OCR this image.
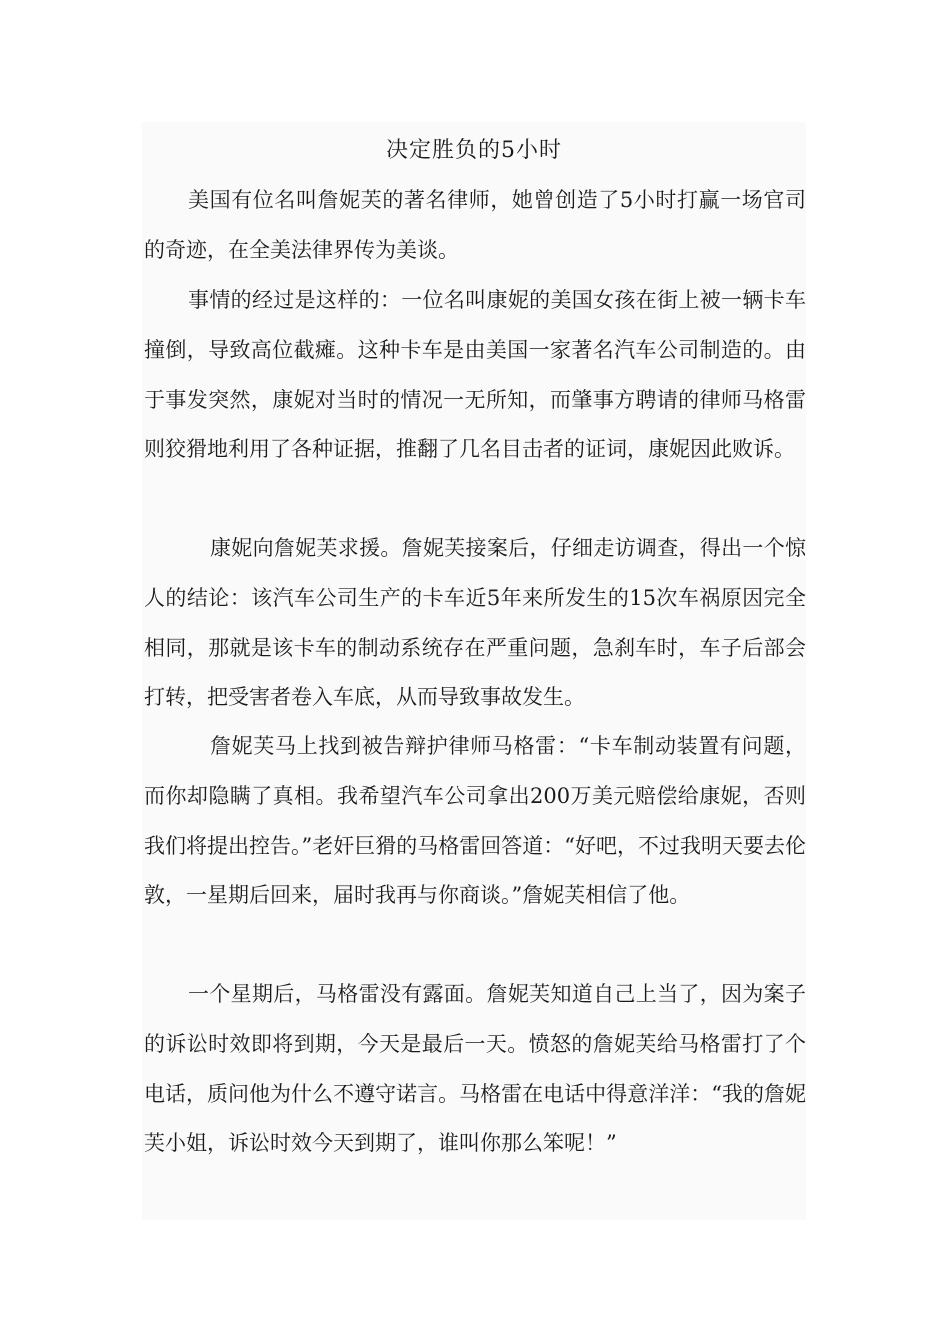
决定胜负的5小时

美国有位名叫詹妮芙的著名律师，她曾创造了5小时打赢一场官司的奇迹，在全美法律界传为美谈。

事情的经过是这样的：一位名叫康妮的美国女孩在街上被一辆卡车撞倒，导致高位截瘫。这种卡车是由美国一家著名汽车公司制造的。由于事发突然，康妮对当时的情况一无所知，而肇事方聘请的律师马格雷则狡猾地利用了各种证据，推翻了几名目击者的证词，康妮因此败诉。

康妮向詹妮芙求援。詹妮芙接案后，仔细走访调查，得出一个惊人的结论：该汽车公司生产的卡车近5年来所发生的15次车祸原因完全相同，那就是该卡车的制动系统存在严重问题，急刹车时，车子后部会打转，把受害者卷入车底，从而导致事故发生。

詹妮芙马上找到被告辩护律师马格雷：“卡车制动装置有问题，而你却隐瞒了真相。我希望汽车公司拿出200万美元赔偿给康妮，否则我们将提出控告。”老奸巨猾的马格雷回答道：“好吧，不过我明天要去伦敦，一星期后回来，届时我再与你商谈。”詹妮芙相信了他。

一个星期后，马格雷没有露面。詹妮芙知道自己上当了，因为案子的诉讼时效即将到期，今天是最后一天。愤怒的詹妮芙给马格雷打了个电话，质问他为什么不遵守诺言。马格雷在电话中得意洋洋：“我的詹妮芙小姐，诉讼时效今天到期了，谁叫你那么笨呢！”
